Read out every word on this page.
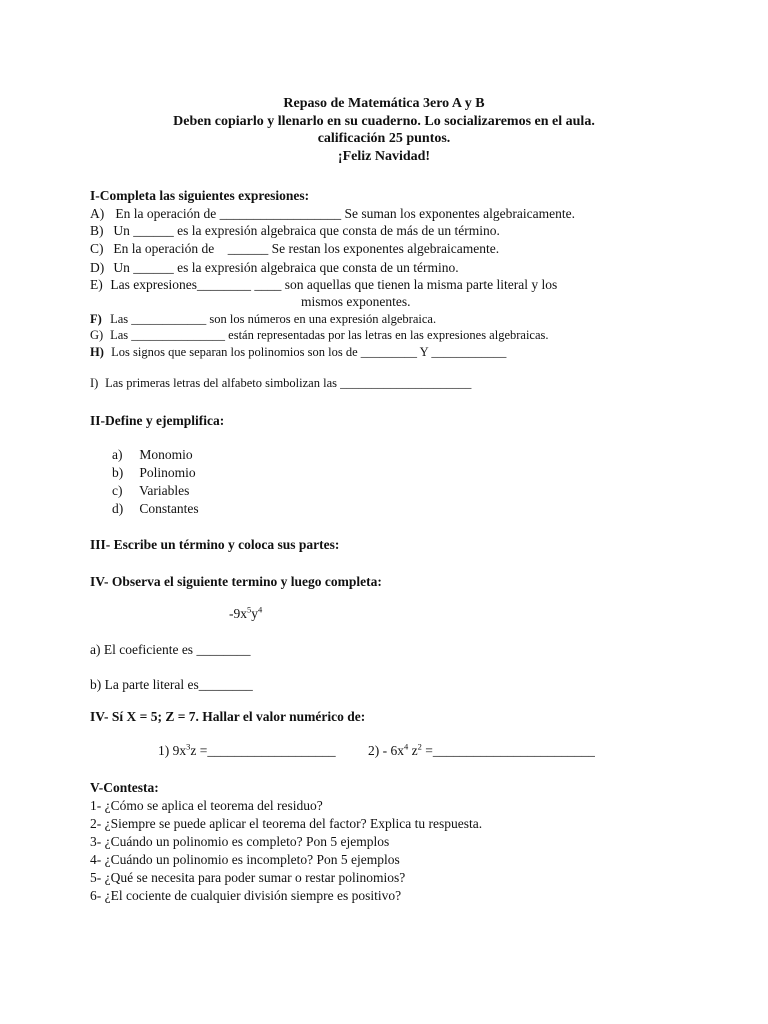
Repaso de Matemática 3ero A y B
Deben copiarlo y llenarlo en su cuaderno. Lo socializaremos en el aula.
calificación 25 puntos.
¡Feliz Navidad!
I-Completa las siguientes expresiones:
A) En la operación de __________________ Se suman los exponentes algebraicamente.
B) Un ______ es la expresión algebraica que consta de más de un término.
C) En la operación de    ______ Se restan los exponentes algebraicamente.
D) Un ______ es la expresión algebraica que consta de un término.
E) Las expresiones________ ____ son aquellas que tienen la misma parte literal y los
mismos exponentes.
F) Las ____________ son los números en una expresión algebraica.
G) Las _______________ están representadas por las letras en las expresiones algebraicas.
H) Los signos que separan los polinomios son los de _________ Y ____________
I) Las primeras letras del alfabeto simbolizan las _____________________
II-Define y ejemplifica:
a) Monomio
b) Polinomio
c) Variables
d) Constantes
III- Escribe un término y coloca sus partes:
IV- Observa el siguiente termino y luego completa:
$-9x^5y^4$
a) El coeficiente es ________
b) La parte literal es________
IV- Sí X = 5; Z = 7. Hallar el valor numérico de:
1) $9x^3z$ =___________________ $2) - 6x^4$ $z^2$ =________________________
V-Contesta:
1- ¿Cómo se aplica el teorema del residuo?
2- ¿Siempre se puede aplicar el teorema del factor? Explica tu respuesta.
3- ¿Cuándo un polinomio es completo? Pon 5 ejemplos
4- ¿Cuándo un polinomio es incompleto? Pon 5 ejemplos
5- ¿Qué se necesita para poder sumar o restar polinomios?
6- ¿El cociente de cualquier división siempre es positivo?
